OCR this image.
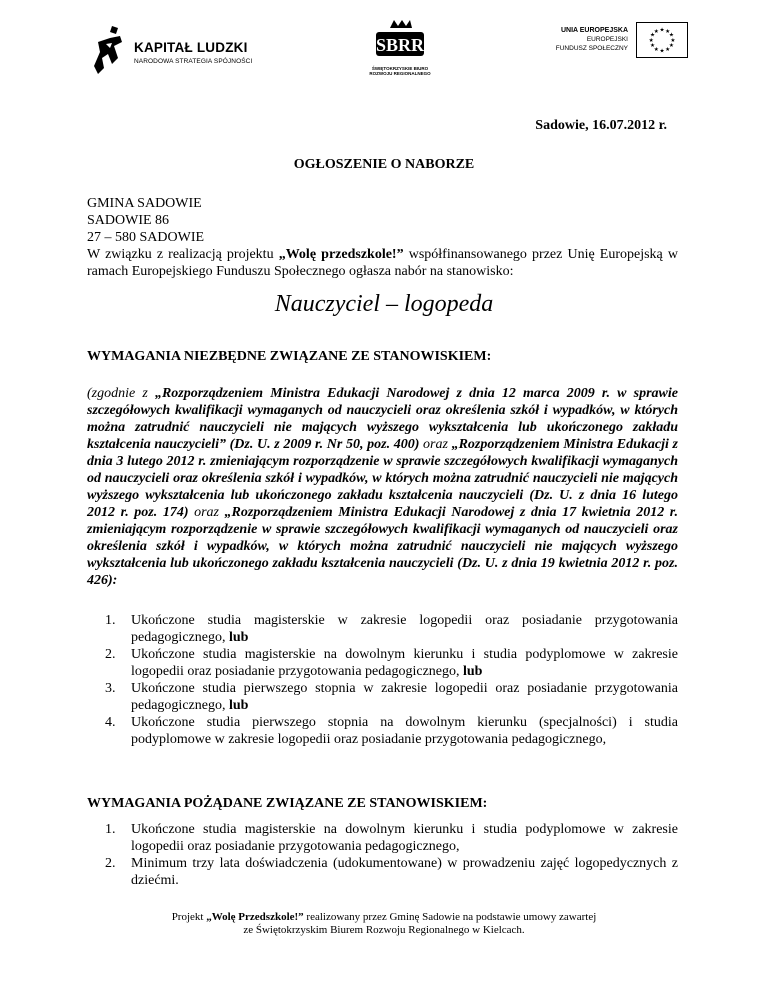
KAPITAŁ LUDZKI
NARODOWA STRATEGIA SPÓJNOŚCI
SBRR
ŚWIĘTOKRZYSKIE BIURO
ROZWOJU REGIONALNEGO
UNIA EUROPEJSKA
EUROPEJSKI
FUNDUSZ SPOŁECZNY
★ ★
★
★
★
★
★
★
★
★
★
★
Sadowie, 16.07.2012 r.
OGŁOSZENIE O NABORZE
GMINA SADOWIE
SADOWIE 86
27 – 580 SADOWIE
W związku z realizacją projektu „Wolę przedszkole!” współfinansowanego przez Unię Europejską w ramach Europejskiego Funduszu Społecznego ogłasza nabór na stanowisko:
Nauczyciel – logopeda
WYMAGANIA NIEZBĘDNE ZWIĄZANE ZE STANOWISKIEM:
(zgodnie z „Rozporządzeniem Ministra Edukacji Narodowej z dnia 12 marca 2009 r. w sprawie szczegółowych kwalifikacji wymaganych od nauczycieli oraz określenia szkół i wypadków, w których można zatrudnić nauczycieli nie mających wyższego wykształcenia lub ukończonego zakładu kształcenia nauczycieli” (Dz. U. z 2009 r. Nr 50, poz. 400) oraz „Rozporządzeniem Ministra Edukacji z dnia 3 lutego 2012 r. zmieniającym rozporządzenie w sprawie szczegółowych kwalifikacji wymaganych od nauczycieli oraz określenia szkół i wypadków, w których można zatrudnić nauczycieli nie mających wyższego wykształcenia lub ukończonego zakładu kształcenia nauczycieli (Dz. U. z dnia 16 lutego 2012 r. poz. 174) oraz „Rozporządzeniem Ministra Edukacji Narodowej z dnia 17 kwietnia 2012 r. zmieniającym rozporządzenie w sprawie szczegółowych kwalifikacji wymaganych od nauczycieli oraz określenia szkół i wypadków, w których można zatrudnić nauczycieli nie mających wyższego wykształcenia lub ukończonego zakładu kształcenia nauczycieli (Dz. U. z dnia 19 kwietnia 2012 r. poz. 426):
1. Ukończone studia magisterskie w zakresie logopedii oraz posiadanie przygotowania pedagogicznego, lub
2. Ukończone studia magisterskie na dowolnym kierunku i studia podyplomowe w zakresie logopedii oraz posiadanie przygotowania pedagogicznego, lub
3. Ukończone studia pierwszego stopnia w zakresie logopedii oraz posiadanie przygotowania pedagogicznego, lub
4. Ukończone studia pierwszego stopnia na dowolnym kierunku (specjalności) i studia podyplomowe w zakresie logopedii oraz posiadanie przygotowania pedagogicznego,
WYMAGANIA POŻĄDANE ZWIĄZANE ZE STANOWISKIEM:
1. Ukończone studia magisterskie na dowolnym kierunku i studia podyplomowe w zakresie logopedii oraz posiadanie przygotowania pedagogicznego,
2. Minimum trzy lata doświadczenia (udokumentowane) w prowadzeniu zajęć logopedycznych z dziećmi.
Projekt „Wolę Przedszkole!” realizowany przez Gminę Sadowie na podstawie umowy zawartej
ze Świętokrzyskim Biurem Rozwoju Regionalnego w Kielcach.
